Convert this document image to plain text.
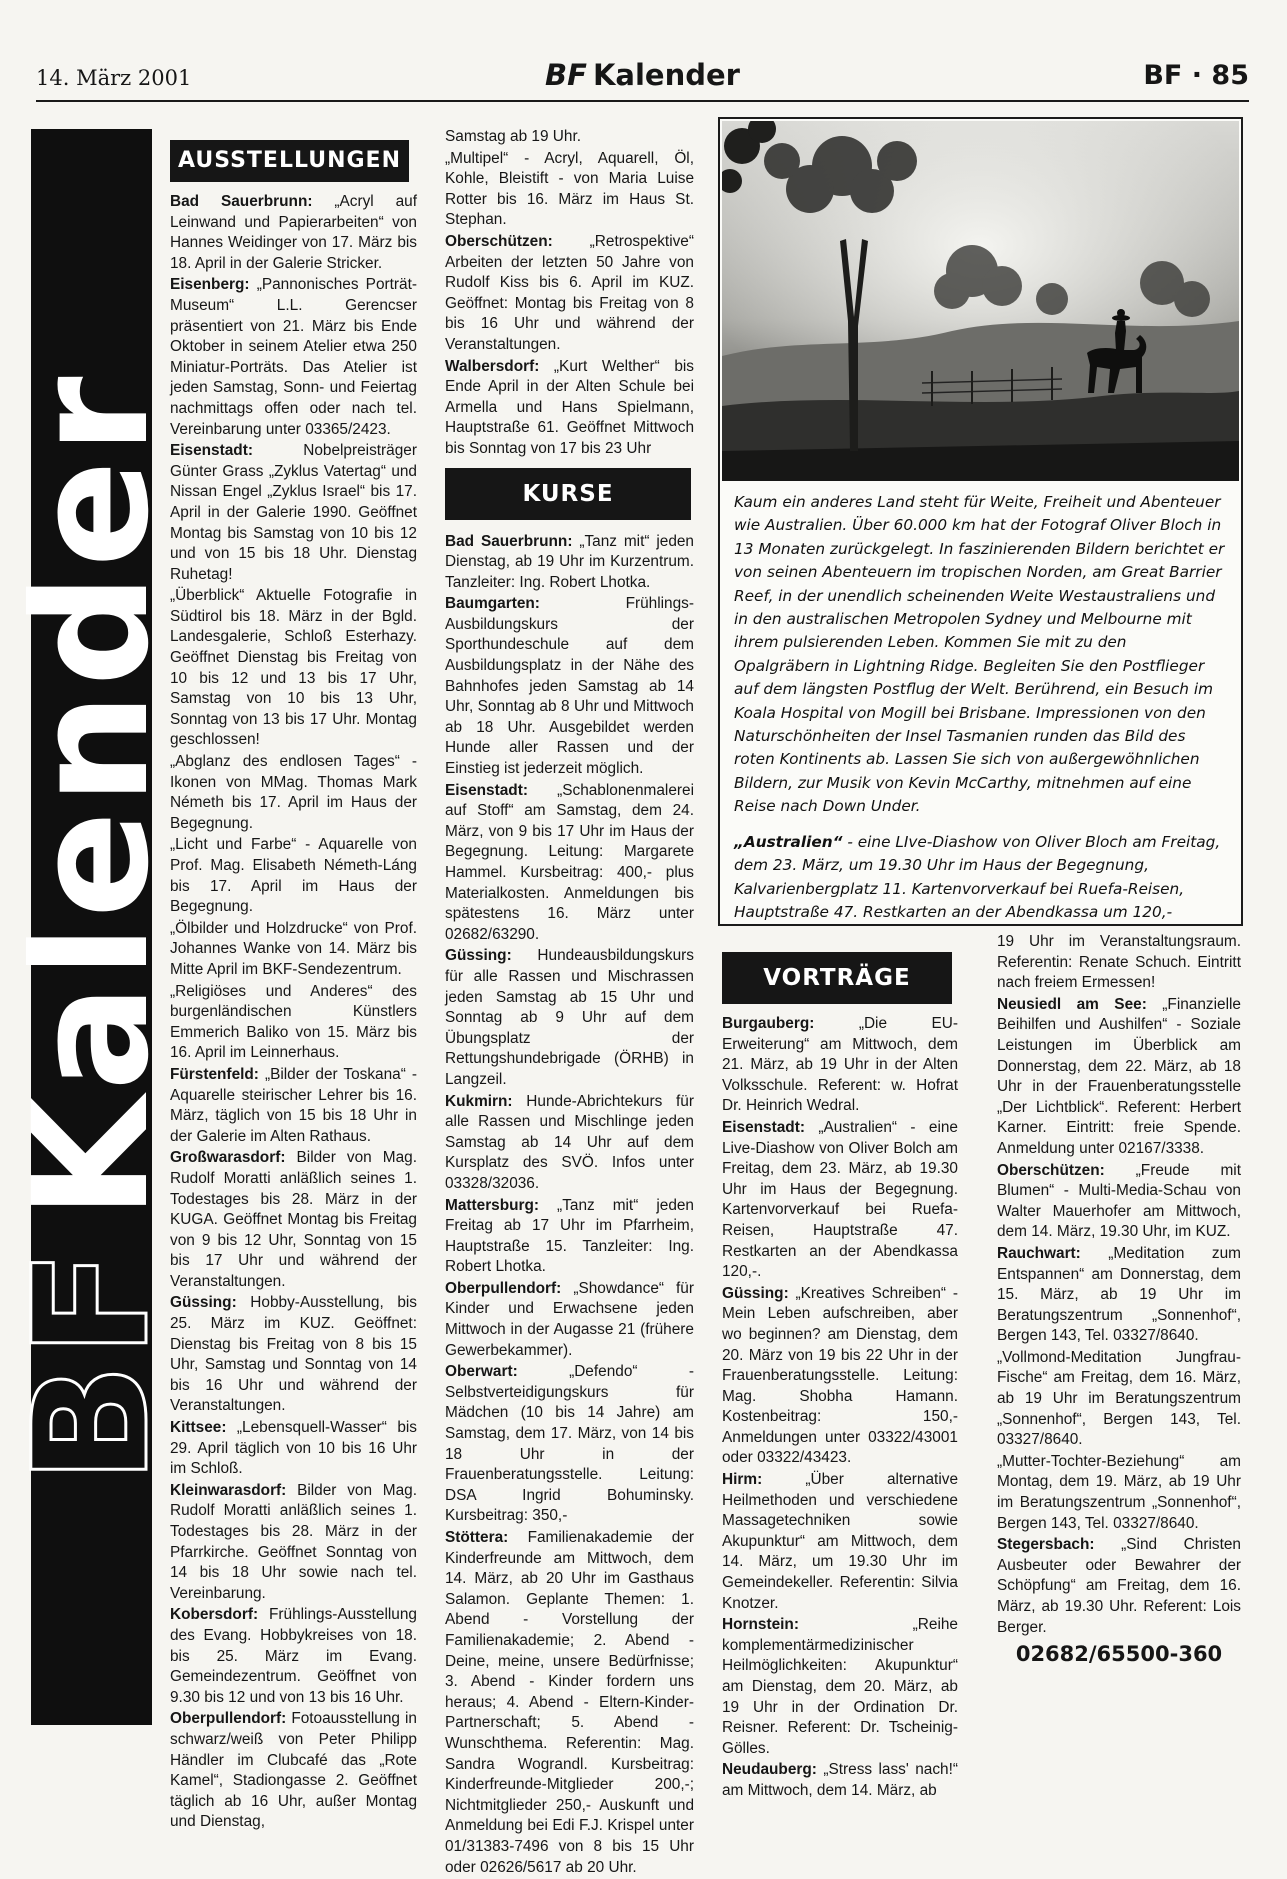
14. März 2001	BF Kalender	BF · 85
BFKalender
AUSSTELLUNGEN
Bad Sauerbrunn: „Acryl auf Leinwand und Papierarbeiten“ von Hannes Weidinger von 17. März bis 18. April in der Galerie Stricker.
Eisenberg: „Pannonisches Porträt-Museum“ L.L. Gerencser präsentiert von 21. März bis Ende Oktober in seinem Atelier etwa 250 Miniatur-Porträts. Das Atelier ist jeden Samstag, Sonn- und Feiertag nachmittags offen oder nach tel. Vereinbarung unter 03365/2423.
Eisenstadt: Nobelpreisträger Günter Grass „Zyklus Vatertag“ und Nissan Engel „Zyklus Israel“ bis 17. April in der Galerie 1990. Geöffnet Montag bis Samstag von 10 bis 12 und von 15 bis 18 Uhr. Dienstag Ruhetag!
„Überblick“ Aktuelle Fotografie in Südtirol bis 18. März in der Bgld. Landesgalerie, Schloß Esterhazy. Geöffnet Dienstag bis Freitag von 10 bis 12 und 13 bis 17 Uhr, Samstag von 10 bis 13 Uhr, Sonntag von 13 bis 17 Uhr. Montag geschlossen!
„Abglanz des endlosen Tages“ - Ikonen von MMag. Thomas Mark Németh bis 17. April im Haus der Begegnung.
„Licht und Farbe“ - Aquarelle von Prof. Mag. Elisabeth Németh-Láng bis 17. April im Haus der Begegnung.
„Ölbilder und Holzdrucke“ von Prof. Johannes Wanke von 14. März bis Mitte April im BKF-Sendezentrum.
„Religiöses und Anderes“ des burgenländischen Künstlers Emmerich Baliko von 15. März bis 16. April im Leinnerhaus.
Fürstenfeld: „Bilder der Toskana“ - Aquarelle steirischer Lehrer bis 16. März, täglich von 15 bis 18 Uhr in der Galerie im Alten Rathaus.
Großwarasdorf: Bilder von Mag. Rudolf Moratti anläßlich seines 1. Todestages bis 28. März in der KUGA. Geöffnet Montag bis Freitag von 9 bis 12 Uhr, Sonntag von 15 bis 17 Uhr und während der Veranstaltungen.
Güssing: Hobby-Ausstellung, bis 25. März im KUZ. Geöffnet: Dienstag bis Freitag von 8 bis 15 Uhr, Samstag und Sonntag von 14 bis 16 Uhr und während der Veranstaltungen.
Kittsee: „Lebensquell-Wasser“ bis 29. April täglich von 10 bis 16 Uhr im Schloß.
Kleinwarasdorf: Bilder von Mag. Rudolf Moratti anläßlich seines 1. Todestages bis 28. März in der Pfarrkirche. Geöffnet Sonntag von 14 bis 18 Uhr sowie nach tel. Vereinbarung.
Kobersdorf: Frühlings-Ausstellung des Evang. Hobbykreises von 18. bis 25. März im Evang. Gemeindezentrum. Geöffnet von 9.30 bis 12 und von 13 bis 16 Uhr.
Oberpullendorf: Fotoausstellung in schwarz/weiß von Peter Philipp Händler im Clubcafé das „Rote Kamel“, Stadiongasse 2. Geöffnet täglich ab 16 Uhr, außer Montag und Dienstag,
Samstag ab 19 Uhr.
„Multipel“ - Acryl, Aquarell, Öl, Kohle, Bleistift - von Maria Luise Rotter bis 16. März im Haus St. Stephan.
Oberschützen: „Retrospektive“ Arbeiten der letzten 50 Jahre von Rudolf Kiss bis 6. April im KUZ. Geöffnet: Montag bis Freitag von 8 bis 16 Uhr und während der Veranstaltungen.
Walbersdorf: „Kurt Welther“ bis Ende April in der Alten Schule bei Armella und Hans Spielmann, Hauptstraße 61. Geöffnet Mittwoch bis Sonntag von 17 bis 23 Uhr
KURSE
Bad Sauerbrunn: „Tanz mit“ jeden Dienstag, ab 19 Uhr im Kurzentrum. Tanzleiter: Ing. Robert Lhotka.
Baumgarten: Frühlings-Ausbildungskurs der Sporthundeschule auf dem Ausbildungsplatz in der Nähe des Bahnhofes jeden Samstag ab 14 Uhr, Sonntag ab 8 Uhr und Mittwoch ab 18 Uhr. Ausgebildet werden Hunde aller Rassen und der Einstieg ist jederzeit möglich.
Eisenstadt: „Schablonenmalerei auf Stoff“ am Samstag, dem 24. März, von 9 bis 17 Uhr im Haus der Begegnung. Leitung: Margarete Hammel. Kursbeitrag: 400,- plus Materialkosten. Anmeldungen bis spätestens 16. März unter 02682/63290.
Güssing: Hundeausbildungskurs für alle Rassen und Mischrassen jeden Samstag ab 15 Uhr und Sonntag ab 9 Uhr auf dem Übungsplatz der Rettungshundebrigade (ÖRHB) in Langzeil.
Kukmirn: Hunde-Abrichtekurs für alle Rassen und Mischlinge jeden Samstag ab 14 Uhr auf dem Kursplatz des SVÖ. Infos unter 03328/32036.
Mattersburg: „Tanz mit“ jeden Freitag ab 17 Uhr im Pfarrheim, Hauptstraße 15. Tanzleiter: Ing. Robert Lhotka.
Oberpullendorf: „Showdance“ für Kinder und Erwachsene jeden Mittwoch in der Augasse 21 (frühere Gewerbekammer).
Oberwart: „Defendo“ - Selbstverteidigungskurs für Mädchen (10 bis 14 Jahre) am Samstag, dem 17. März, von 14 bis 18 Uhr in der Frauenberatungsstelle. Leitung: DSA Ingrid Bohuminsky. Kursbeitrag: 350,-
Stöttera: Familienakademie der Kinderfreunde am Mittwoch, dem 14. März, ab 20 Uhr im Gasthaus Salamon. Geplante Themen: 1. Abend - Vorstellung der Familienakademie; 2. Abend - Deine, meine, unsere Bedürfnisse; 3. Abend - Kinder fordern uns heraus; 4. Abend - Eltern-Kinder-Partnerschaft; 5. Abend - Wunschthema. Referentin: Mag. Sandra Wograndl. Kursbeitrag: Kinderfreunde-Mitglieder 200,-; Nichtmitglieder 250,- Auskunft und Anmeldung bei Edi F.J. Krispel unter 01/31383-7496 von 8 bis 15 Uhr oder 02626/5617 ab 20 Uhr.

Kaum ein anderes Land steht für Weite, Freiheit und Abenteuer wie Australien. Über 60.000 km hat der Fotograf Oliver Bloch in 13 Monaten zurückgelegt. In faszinierenden Bildern berichtet er von seinen Abenteuern im tropischen Norden, am Great Barrier Reef, in der unendlich scheinenden Weite Westaustraliens und in den australischen Metropolen Sydney und Melbourne mit ihrem pulsierenden Leben. Kommen Sie mit zu den Opalgräbern in Lightning Ridge. Begleiten Sie den Postflieger auf dem längsten Postflug der Welt. Berührend, ein Besuch im Koala Hospital von Mogill bei Brisbane. Impressionen von den Naturschönheiten der Insel Tasmanien runden das Bild des roten Kontinents ab. Lassen Sie sich von außergewöhnlichen Bildern, zur Musik von Kevin McCarthy, mitnehmen auf eine Reise nach Down Under.

„Australien“ - eine LIve-Diashow von Oliver Bloch am Freitag, dem 23. März, um 19.30 Uhr im Haus der Begegnung, Kalvarienbergplatz 11. Kartenvorverkauf bei Ruefa-Reisen, Hauptstraße 47. Restkarten an der Abendkassa um 120,-

VORTRÄGE
Burgauberg: „Die EU-Erweiterung“ am Mittwoch, dem 21. März, ab 19 Uhr in der Alten Volksschule. Referent: w. Hofrat Dr. Heinrich Wedral.
Eisenstadt: „Australien“ - eine Live-Diashow von Oliver Bolch am Freitag, dem 23. März, ab 19.30 Uhr im Haus der Begegnung. Kartenvorverkauf bei Ruefa-Reisen, Hauptstraße 47. Restkarten an der Abendkassa 120,-.
Güssing: „Kreatives Schreiben“ - Mein Leben aufschreiben, aber wo beginnen? am Dienstag, dem 20. März von 19 bis 22 Uhr in der Frauenberatungsstelle. Leitung: Mag. Shobha Hamann. Kostenbeitrag: 150,- Anmeldungen unter 03322/43001 oder 03322/43423.
Hirm: „Über alternative Heilmethoden und verschiedene Massagetechniken sowie Akupunktur“ am Mittwoch, dem 14. März, um 19.30 Uhr im Gemeindekeller. Referentin: Silvia Knotzer.
Hornstein: „Reihe komplementärmedizinischer Heilmöglichkeiten: Akupunktur“ am Dienstag, dem 20. März, ab 19 Uhr in der Ordination Dr. Reisner. Referent: Dr. Tscheinig-Gölles.
Neudauberg: „Stress lass' nach!“ am Mittwoch, dem 14. März, ab
19 Uhr im Veranstaltungsraum. Referentin: Renate Schuch. Eintritt nach freiem Ermessen!
Neusiedl am See: „Finanzielle Beihilfen und Aushilfen“ - Soziale Leistungen im Überblick am Donnerstag, dem 22. März, ab 18 Uhr in der Frauenberatungsstelle „Der Lichtblick“. Referent: Herbert Karner. Eintritt: freie Spende. Anmeldung unter 02167/3338.
Oberschützen: „Freude mit Blumen“ - Multi-Media-Schau von Walter Mauerhofer am Mittwoch, dem 14. März, 19.30 Uhr, im KUZ.
Rauchwart: „Meditation zum Entspannen“ am Donnerstag, dem 15. März, ab 19 Uhr im Beratungszentrum „Sonnenhof“, Bergen 143, Tel. 03327/8640.
„Vollmond-Meditation Jungfrau-Fische“ am Freitag, dem 16. März, ab 19 Uhr im Beratungszentrum „Sonnenhof“, Bergen 143, Tel. 03327/8640.
„Mutter-Tochter-Beziehung“ am Montag, dem 19. März, ab 19 Uhr im Beratungszentrum „Sonnenhof“, Bergen 143, Tel. 03327/8640.
Stegersbach: „Sind Christen Ausbeuter oder Bewahrer der Schöpfung“ am Freitag, dem 16. März, ab 19.30 Uhr. Referent: Lois Berger.
02682/65500-360
